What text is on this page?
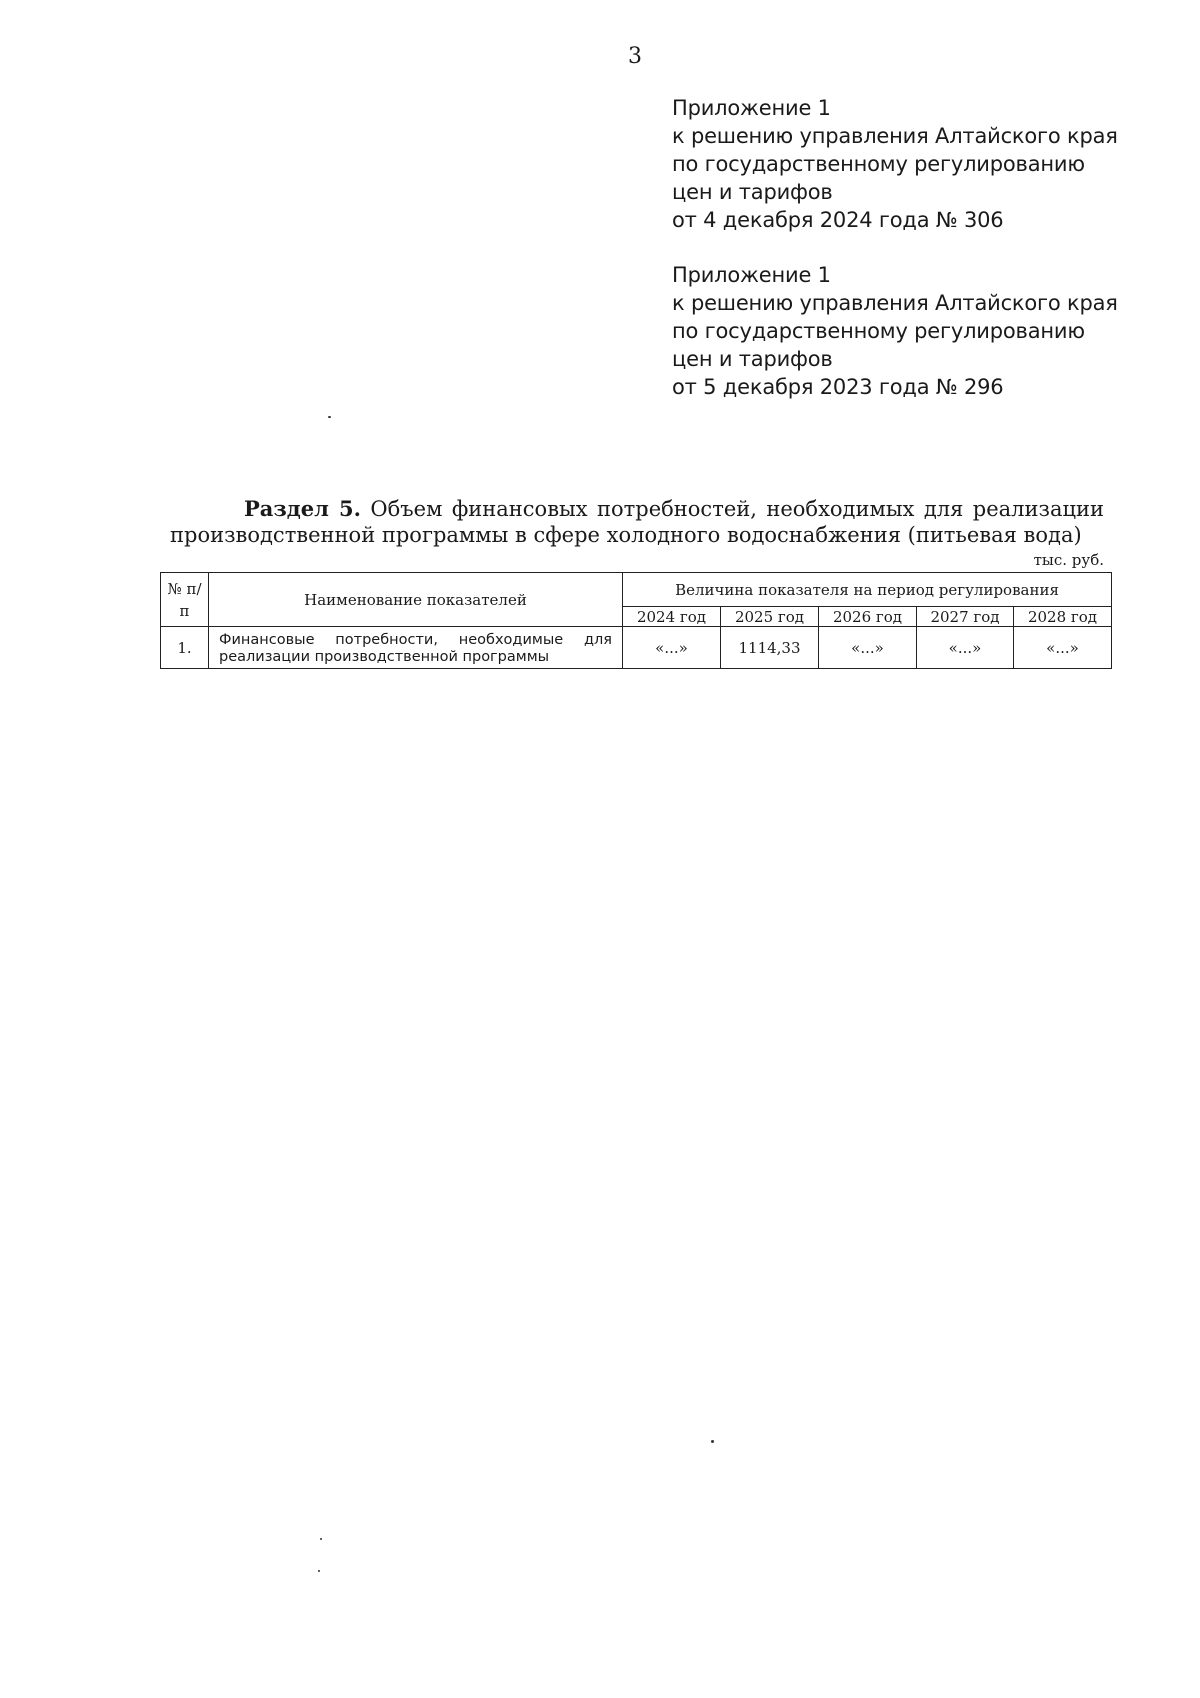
3
Приложение 1
к решению управления Алтайского края
по государственному регулированию
цен и тарифов
от 4 декабря 2024 года № 306
Приложение 1
к решению управления Алтайского края
по государственному регулированию
цен и тарифов
от 5 декабря 2023 года № 296
Раздел 5. Объем финансовых потребностей, необходимых для реализации
производственной программы в сфере холодного водоснабжения (питьевая вода)
тыс. руб.
№ п/п	Наименование показателей	Величина показателя на период регулирования				
		2024 год	2025 год	2026 год	2027 год	2028 год
1.	Финансовые потребности, необходимые для
реализации производственной программы	«...»	1114,33	«...»	«...»	«...»
